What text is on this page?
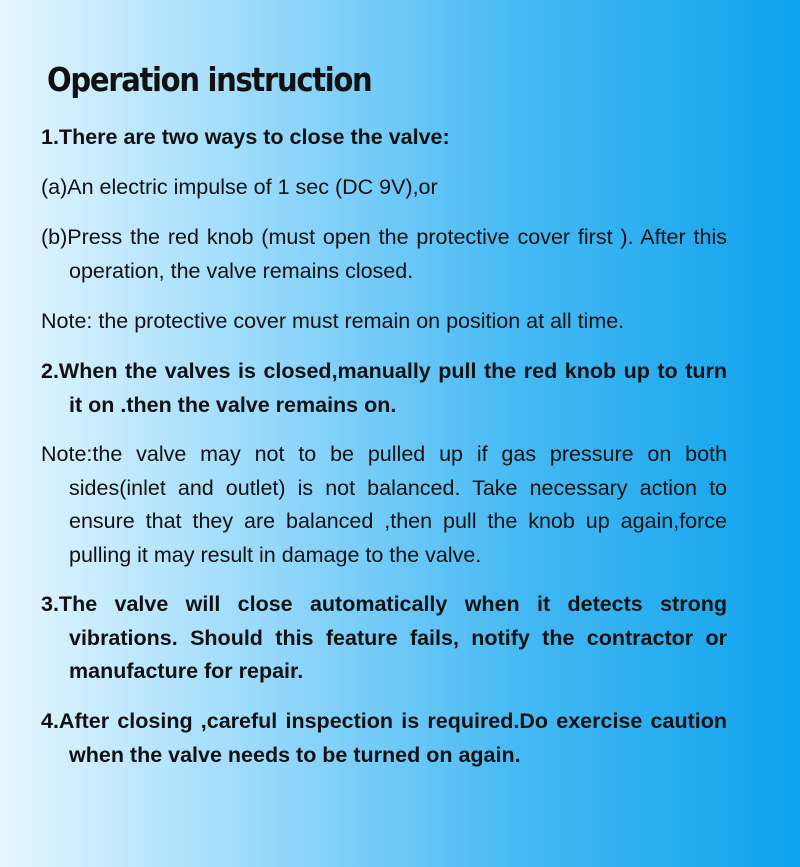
Operation instruction
1.There are two ways to close the valve:
(a)An electric impulse of 1 sec (DC 9V),or
(b)Press the red knob (must open the protective cover first ). After this operation, the valve remains closed.
Note: the protective cover must remain on position at all time.
2.When the valves is closed,manually pull the red knob up to turn it on .then the valve remains on.
Note:the valve may not to be pulled up if gas pressure on both sides(inlet and outlet) is not balanced. Take necessary action to ensure that they are balanced ,then pull the knob up again,force pulling it may result in damage to the valve.
3.The valve will close automatically when it detects strong vibrations. Should this feature fails, notify the contractor or manufacture for repair.
4.After closing ,careful inspection is required.Do exercise caution when the valve needs to be turned on again.
